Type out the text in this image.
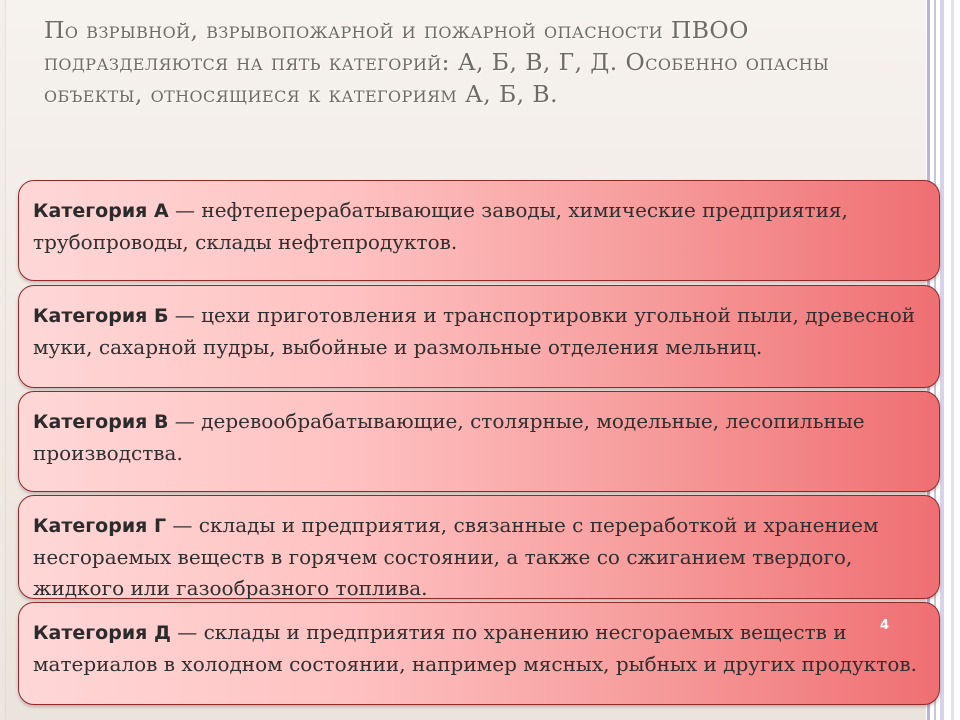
По взрывной, взрывопожарной и пожарной опасности ПВОО подразделяются на пять категорий: А, Б, В, Г, Д. Особенно опасны объекты, относящиеся к категориям А, Б, В.
Категория А — нефтеперерабатывающие заводы, химические предприятия, трубопроводы, склады нефтепродуктов.
Категория Б — цехи приготовления и транспортировки угольной пыли, древесной муки, сахарной пудры, выбойные и размольные отделения мельниц.
Категория В — деревообрабатывающие, столярные, модельные, лесопильные производства.
Категория Г — склады и предприятия, связанные с переработкой и хранением несгораемых веществ в горячем состоянии, а также со сжиганием твердого, жидкого или газообразного топлива.
Категория Д — склады и предприятия по хранению несгораемых веществ и материалов в холодном состоянии, например мясных, рыбных и других продуктов.
4
